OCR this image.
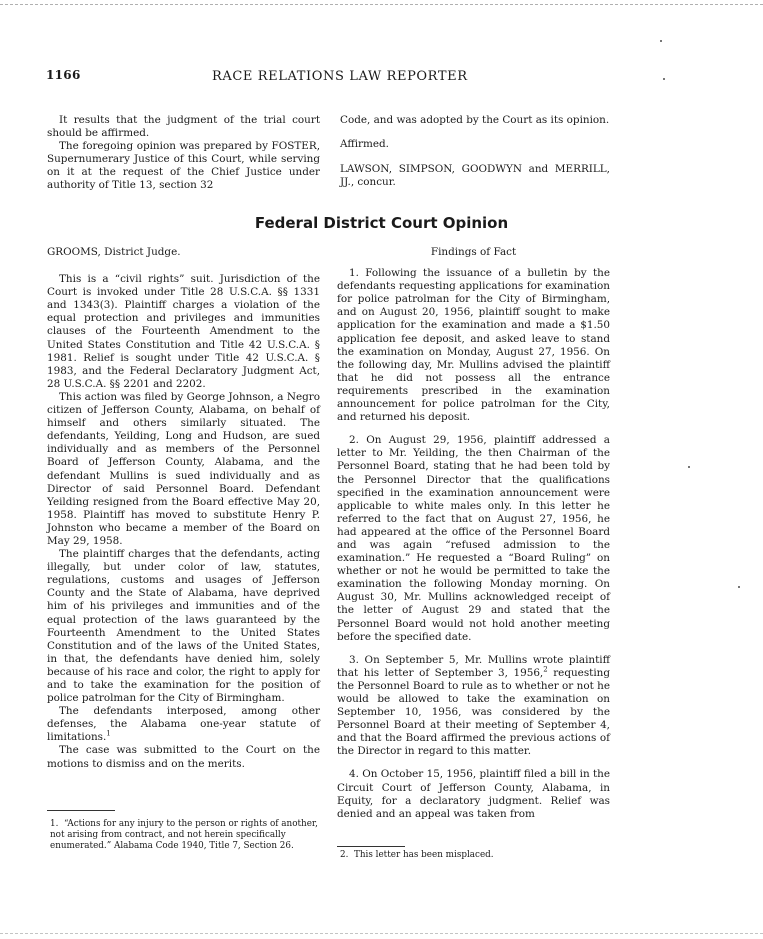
1166	RACE RELATIONS LAW REPORTER

It results that the judgment of the trial court should be affirmed.

The foregoing opinion was prepared by FOSTER, Supernumerary Justice of this Court, while serving on it at the request of the Chief Justice under authority of Title 13, section 32

Code, and was adopted by the Court as its opinion.

Affirmed.

LAWSON, SIMPSON, GOODWYN and MERRILL, JJ., concur.

Federal District Court Opinion

GROOMS, District Judge.

This is a “civil rights” suit. Jurisdiction of the Court is invoked under Title 28 U.S.C.A. §§ 1331 and 1343(3). Plaintiff charges a violation of the equal protection and privileges and immunities clauses of the Fourteenth Amendment to the United States Constitution and Title 42 U.S.C.A. § 1981. Relief is sought under Title 42 U.S.C.A. § 1983, and the Federal Declaratory Judgment Act, 28 U.S.C.A. §§ 2201 and 2202.

This action was filed by George Johnson, a Negro citizen of Jefferson County, Alabama, on behalf of himself and others similarly situated. The defendants, Yeilding, Long and Hudson, are sued individually and as members of the Personnel Board of Jefferson County, Alabama, and the defendant Mullins is sued individually and as Director of said Personnel Board. Defendant Yeilding resigned from the Board effective May 20, 1958. Plaintiff has moved to substitute Henry P. Johnston who became a member of the Board on May 29, 1958.

The plaintiff charges that the defendants, acting illegally, but under color of law, statutes, regulations, customs and usages of Jefferson County and the State of Alabama, have deprived him of his privileges and immunities and of the equal protection of the laws guaranteed by the Fourteenth Amendment to the United States Constitution and of the laws of the United States, in that, the defendants have denied him, solely because of his race and color, the right to apply for and to take the examination for the position of police patrolman for the City of Birmingham.

The defendants interposed, among other defenses, the Alabama one-year statute of limitations.$^1$

The case was submitted to the Court on the motions to dismiss and on the merits.

1. “Actions for any injury to the person or rights of another, not arising from contract, and not herein specifically enumerated.” Alabama Code 1940, Title 7, Section 26.

Findings of Fact

1. Following the issuance of a bulletin by the defendants requesting applications for examination for police patrolman for the City of Birmingham, and on August 20, 1956, plaintiff sought to make application for the examination and made a $1.50 application fee deposit, and asked leave to stand the examination on Monday, August 27, 1956. On the following day, Mr. Mullins advised the plaintiff that he did not possess all the entrance requirements prescribed in the examination announcement for police patrolman for the City, and returned his deposit.

2. On August 29, 1956, plaintiff addressed a letter to Mr. Yeilding, the then Chairman of the Personnel Board, stating that he had been told by the Personnel Director that the qualifications specified in the examination announcement were applicable to white males only. In this letter he referred to the fact that on August 27, 1956, he had appeared at the office of the Personnel Board and was again “refused admission to the examination.” He requested a “Board Ruling” on whether or not he would be permitted to take the examination the following Monday morning. On August 30, Mr. Mullins acknowledged receipt of the letter of August 29 and stated that the Personnel Board would not hold another meeting before the specified date.

3. On September 5, Mr. Mullins wrote plaintiff that his letter of September 3, 1956,$^2$ requesting the Personnel Board to rule as to whether or not he would be allowed to take the examination on September 10, 1956, was considered by the Personnel Board at their meeting of September 4, and that the Board affirmed the previous actions of the Director in regard to this matter.

4. On October 15, 1956, plaintiff filed a bill in the Circuit Court of Jefferson County, Alabama, in Equity, for a declaratory judgment. Relief was denied and an appeal was taken from

2. This letter has been misplaced.
